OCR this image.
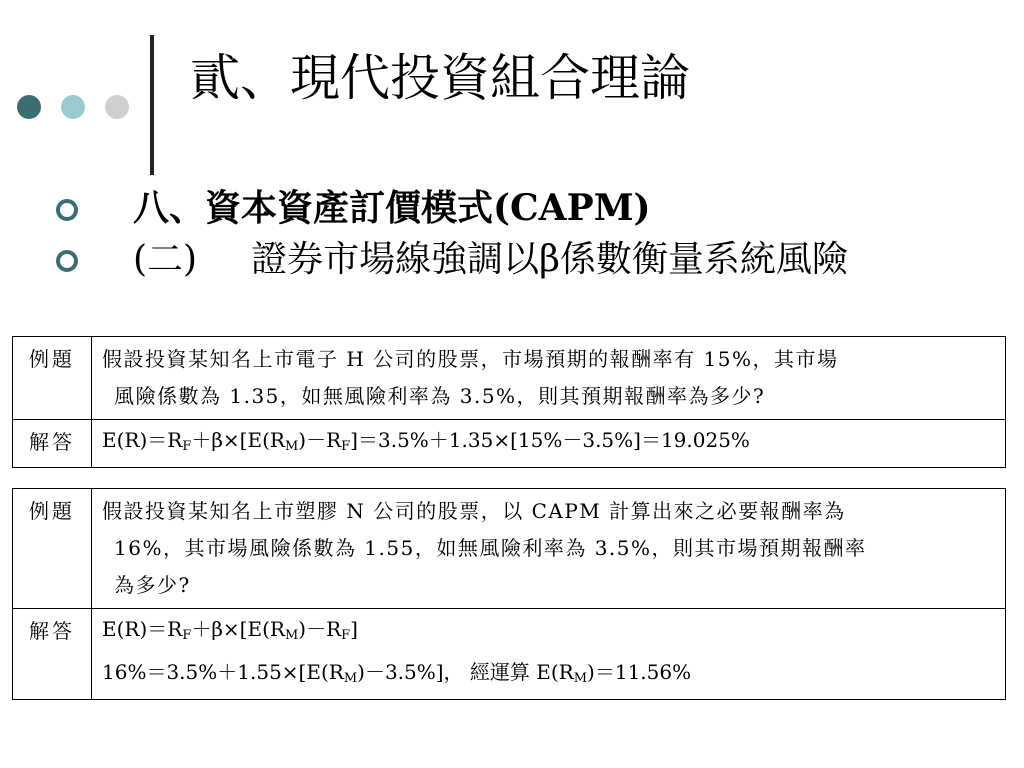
貳、現代投資組合理論
八、資本資產訂價模式(CAPM)
(二) 證券市場線強調以β係數衡量系統風險
例題	假設投資某知名上市電子 H 公司的股票，市場預期的報酬率有 15%，其市場
風險係數為 1.35，如無風險利率為 3.5%，則其預期報酬率為多少?

解答	$E(R)=R_F+\beta\times[E(R_M)-R_F]=3.5\%+1.35\times[15\%-3.5\%]=19.025\%$
例題	假設投資某知名上市塑膠 N 公司的股票，以 CAPM 計算出來之必要報酬率為
16%，其市場風險係數為 1.55，如無風險利率為 3.5%，則其市場預期報酬率
為多少?

解答	$E(R)=R_F+\beta\times[E(R_M)-R_F]$
$16\%=3.5\%+1.55\times[E(R_M)-3.5\%]$， 經運算 $E(R_M)=11.56\%$
